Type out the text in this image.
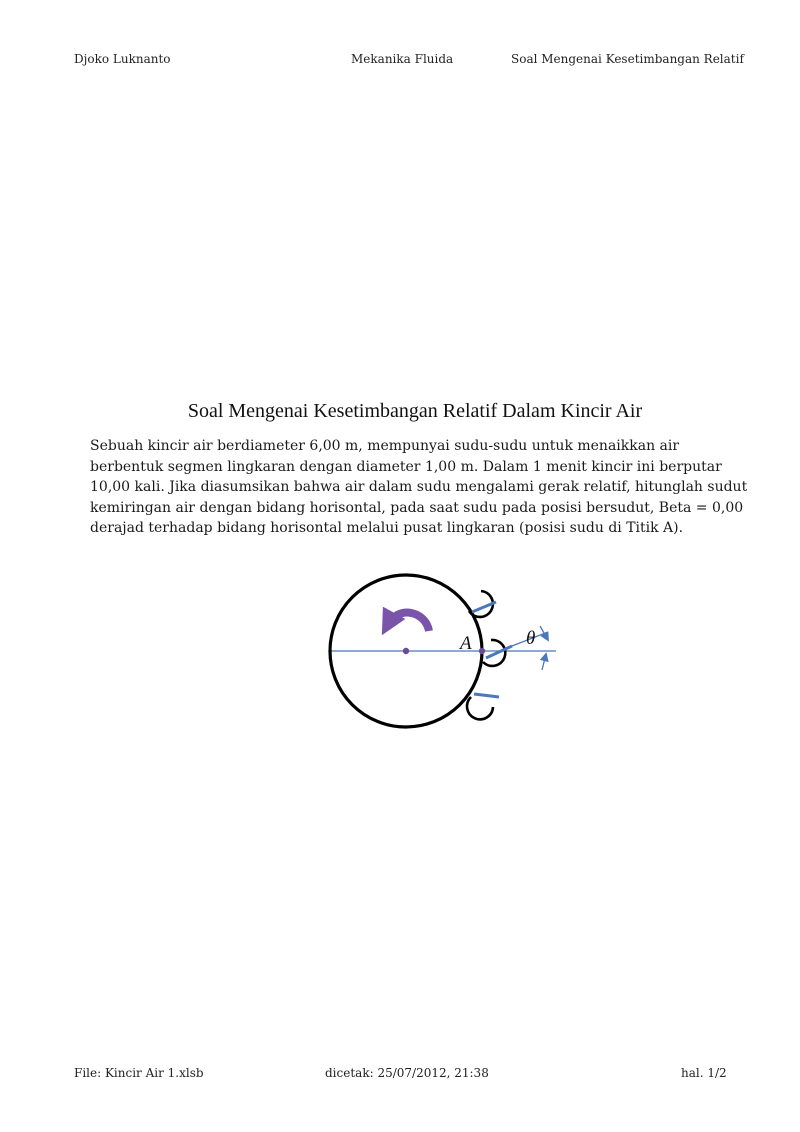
Djoko Luknanto	Mekanika Fluida	Soal Mengenai Kesetimbangan Relatif
Soal Mengenai Kesetimbangan Relatif Dalam Kincir Air
Sebuah kincir air berdiameter 6,00 m, mempunyai sudu-sudu untuk menaikkan air berbentuk segmen lingkaran dengan diameter 1,00 m. Dalam 1 menit kincir ini berputar 10,00 kali. Jika diasumsikan bahwa air dalam sudu mengalami gerak relatif, hitunglah sudut kemiringan air dengan bidang horisontal, pada saat sudu pada posisi bersudut, Beta = 0,00 derajad terhadap bidang horisontal melalui pusat lingkaran (posisi sudu di Titik A).
A	θ
File: Kincir Air 1.xlsb	dicetak: 25/07/2012, 21:38	hal. 1/2
